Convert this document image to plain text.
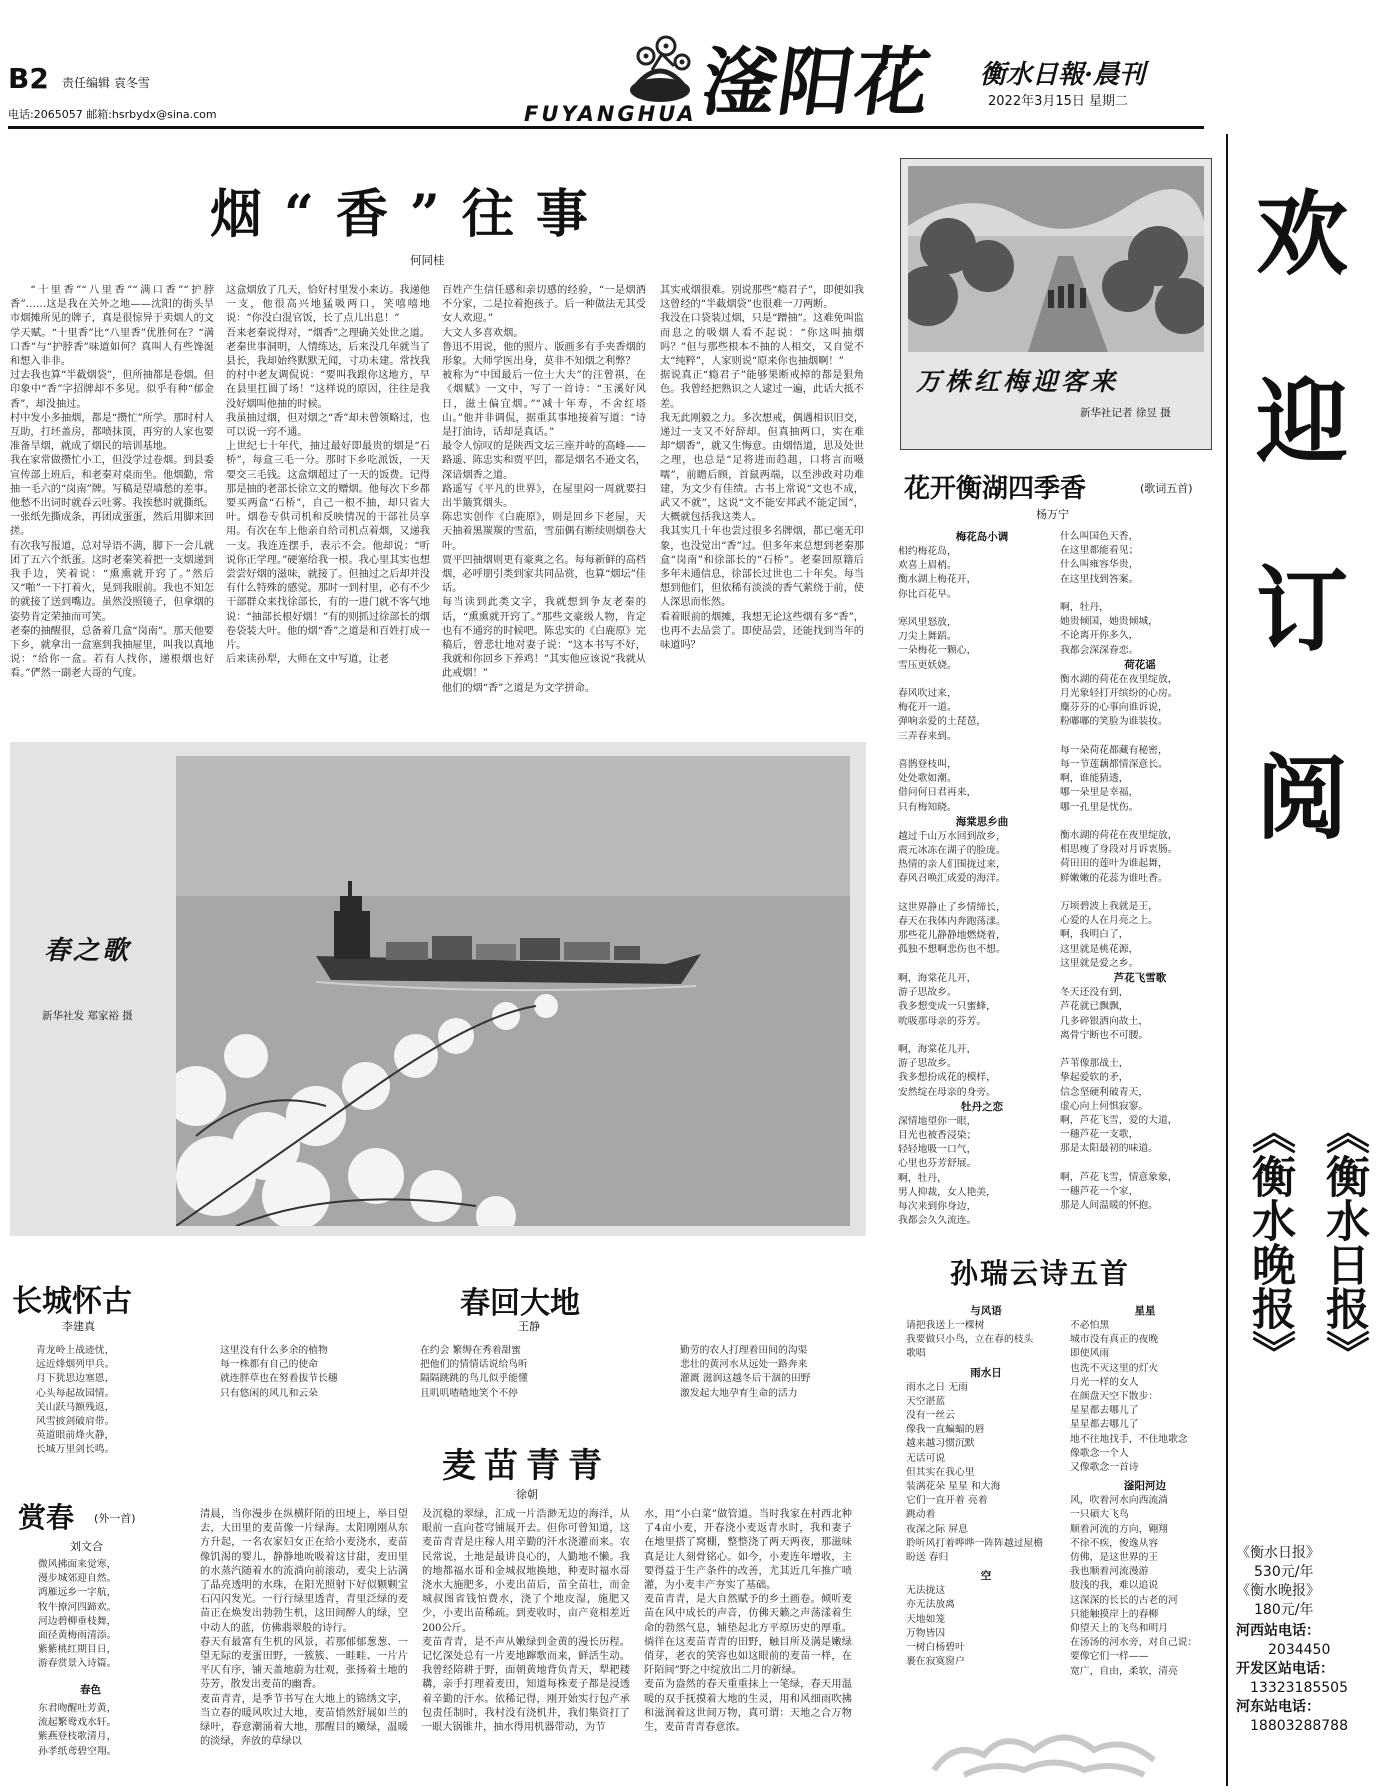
B2 责任编辑 袁冬雪
电话:2065057 邮箱:hsrbydx@sina.com	滏阳花
FUYANGHUA
衡水日報·晨刊
2022年3月15日 星期二
烟“香”往事
何同桂
“十里香”“八里香”“满口香”“护脖香”……这是我在关外之地——沈阳的街头旱市烟摊所见的牌子，真是很惊异于卖烟人的文学天赋。“十里香”比“八里香”优胜何在？“满口香”与“护脖香”味道如何？真叫人有些馋涎和想入非非。
过去我也算“半截烟袋”，但所抽都是卷烟。但印象中“香”字招牌却不多见。似乎有种“郁金香”，却没抽过。
村中发小多抽烟，都是“攒忙”所学。那时村人互助，打坯盖房，都喷抹顶，再穷的人家也要准备旱烟，就成了烟民的培训基地。
我在家常做攒忙小工，但没学过卷烟。到县委宣传部上班后，和老秦对桌而坐。他烟勤，常抽一毛六的“岗南”牌。写稿是望墙愁的差事。他愁不出词时就吞云吐雾。我挨愁时就撕纸。一张纸先撕成条，再团成蛋蛋，然后用脚来回搓。
有次我写报道，总对导语不满，脚下一会儿就团了五六个纸蛋。这时老秦笑着把一支烟递到我手边，笑着说：“熏熏就开窍了。”然后又“啪”一下打着火，晃到我眼前。我也不知怎的就接了送到嘴边。虽然没照镜子，但拿烟的姿势肯定荣抽而可笑。
老秦的抽醒很，总备着几盒“岗南”。那天他要下乡，就拿出一盒塞到我抽屉里，叫我以真地说：“给你一盒。若有人找你，递根烟也好看。”俨然一副老大哥的气度。
这盒烟放了几天，恰好村里发小来访。我递他一支，他很高兴地猛吸两口，笑嘻嘻地说：“你没白混官饭，长了点儿出息！”
吾来老秦说得对，“烟香”之理确关处世之道。老秦世事洞明，人情练达，后来没几年就当了县长，我却始终默默无闻，寸功未建。常找我的村中老友调侃说：“要叫我跟你这地方，早在县里扛圆了场！”这样说的原因，往往是我没好烟叫他抽的时候。
我虽抽过烟，但对烟之“香”却未曾领略过，也可以说一窍不通。
上世纪七十年代，抽过最好即最贵的烟是“石桥”，每盒三毛一分。那时下乡吃派饭，一天要交三毛钱。这盒烟超过了一天的饭费。记得那是抽的老部长徐立文的赠烟。他每次下乡都要买两盒“石桥”，自己一根不抽，却只省大叶。烟卷专供司机和反映情况的干部社员享用。有次在车上他亲自给司机点着烟，又递我一支。我连连摆手，表示不会。他却说：“听说你正学理。”硬塞给我一根。我心里其实也想尝尝好烟的滋味，就接了。但抽过之后却并没有什么特殊的感觉。那时一到村里，必有不少干部群众来找徐部长，有的一进门就不客气地说：“抽部长根好烟！”有的则抓过徐部长的烟卷袋装大叶。他的烟“香”之道是和百姓打成一片。
后来读孙犁，大师在文中写道，让老
百姓产生信任感和亲切感的经验，“一是烟酒不分家，二是拉着抱孩子。后一种做法无其受女人欢迎。”
大文人多喜欢烟。
鲁迅不用说，他的照片、版画多有手夹香烟的形象。大师学医出身，莫非不知烟之利弊？
被称为“中国最后一位士大夫”的汪曾祺，在《烟赋》一文中，写了一首诗：“玉溪好风日，滋土偏宜烟。”“减十年寿，不舍红塔山。”他并非调侃，据重其事地接着写道：“诗是打油诗，话却是真话。”
最令人惊叹的是陕西文坛三座并峙的高峰——路遥、陈忠实和贾平凹，都是烟名不逊文名，深谙烟香之道。
路遥写《平凡的世界》，在屋里闷一周就要扫出半簸箕烟头。
陈忠实创作《白鹿原》，则是回乡下老屋，天天抽着黑羰羰的雪茄，雪茄偶有断续则烟卷大叶。
贾平凹抽烟则更有豪爽之名。每每新鲜的高档烟，必呼朋引类到家共同品赏，也算“烟坛”佳话。
每当读到此类文字，我就想到争友老秦的话，“熏熏就开窍了。”那些文豪级人物，肯定也有不通窍的时候吧。陈忠实的《白鹿原》完稿后，曾悲壮地对妻子说：“这本书写不好，我就和你回乡下养鸡！”其实他应该说“我就从此戒烟！”
他们的烟“香”之道是为文学拼命。
其实戒烟很难。别说那些“瘾君子”，即便如我这曾经的“半截烟袋”也很难一刀两断。
我没在口袋装过烟，只是“蹭抽”。这难免叫监而息之的吸烟人看不起说：“你这叫抽烟吗？”但与那些根本不抽的人相交，又自觉不太“纯粹”，人家则说“原来你也抽烟啊！”
据说真正“瘾君子”能够果断戒掉的都是狠角色。我曾经把熟识之人逮过一遍，此话大抵不差。
我无此刚毅之力。多次想戒，偶遇相识旧交，递过一支又不好辞却。但真抽两口，实在难却“烟香”，就又生悔意。由烟悟道，思及处世之理，也总是“足将进而趋趄，口将言而嗫嚅”，前瞻后顾，首鼠两端，以至涉政对功难建，为文少有佳绩。古书上常说“文也不成，武又不就”，这说“文不能安邦武不能定国”，大概就包括我这类人。
我其实几十年也尝过很多名牌烟，都已毫无印象，也没觉出“香”过。但多年来总想到老秦那盒“岗南”和徐部长的“石桥”。老秦回原籍后多年未通信息，徐部长过世也二十年矣。每当想到他们，但依稀有淡淡的香气萦绕于前，使人深思而怅然。
看着眼前的烟摊，我想无论这些烟有多“香”，也再不去品尝了。即使品尝，还能找到当年的味道吗？
万株红梅迎客来
新华社记者 徐昱 摄
花开衡湖四季香	(歌词五首)
杨万宁
梅花岛小调
相约梅花岛，
欢喜上眉梢。
衡水湖上梅花开，
你比百花早。

寒风里怒放，
刀尖上舞蹈。
一朵梅花一颗心，
雪压更妖娆。

春风吹过来，
梅花开一道。
弹响亲爱的土琵琶，
三弄春来到。

喜鹊登枝叫，
处处歌如潮。
借问何日君再来，
只有梅知晓。
海棠思乡曲
越过千山万水回到故乡，
震元冰冻在湖子的脸庞。
热情的亲人们围拢过来，
春风召唤汇成爱的海洋。

这世界静止了乡情缔长，
春天在我体内奔跑荡漾。
那些花儿静静地燃烧着，
孤独不想啊悲伤也不想。

啊，海棠花儿开，
游子思故乡。
我多想变成一只蜜蜂，
吮吸那母亲的芬芳。

啊，海棠花儿开，
游子思故乡。
我多想扮成花的模样，
安然绽在母亲的身旁。
牡丹之恋
深情地望你一眼，
目光也被香浸染；
轻轻地吸一口气，
心里也芬芳舒展。
啊，牡丹，
男人抑裁，女人艳美，
每次来到你身边，
我都会久久流连。
什么叫国色天香，
在这里都能看见；
什么叫雍容华贵，
在这里找到答案。

啊，牡丹，
她贵倾国，她贵倾城，
不论离开你多久，
我都会深深眷恋。
荷花谣
衡水湖的荷花在夜里绽放，
月光象轻打开缤纷的心房。
麋芬芬的心事向谁诉说，
粉嘟嘟的笑脸为谁装妆。

每一朵荷花都藏有秘密，
每一节莲藕都情深意长。
啊，谁能猜透，
哪一朵里是幸福，
哪一孔里是忧伤。

衡水湖的荷花在夜里绽放，
相思瘦了身段对月诉衷肠。
荷田田的莲叶为谁起舞，
鲜嫩嫩的花蕊为谁吐香。

万顷碧波上我就是王，
心爱的人在月亮之上。
啊，我明白了，
这里就是桃花源，
这里就是爱之乡。
芦花飞雪歌
冬天还没有到，
芦花就已飘飘，
几多碎银洒向故土，
离骨宁断也不可腰。

芦苇像那战士，
挚起爱软的矛，
信念坚硬利破青天，
虚心向上何惧寂寥。
啊，芦花飞雪，爱的大道，
一穗芦花一支歌，
那是太阳最初的味道。

啊，芦花飞雪，情意象象，
一穗芦花一个家，
那是人间温暖的怀抱。
春之歌
新华社发 郑家裕 摄
孙瑞云诗五首
与风语
请把我送上一棵树
我要做只小鸟，立在春的枝头
歌唱
雨水日
雨水之日 无雨
天空湛蓝
没有一丝云
像我一直蝙蝠的唇
越来越习惯沉默
无话可说
但其实在我心里
装满花朵 星星 和大海
它们一直开着 亮着
跳动着
夜深之际 屏息
聆听风打着哗哗一阵阵越过屋檐
盼送 春归
空
无法拢这
亦无法放离
天地如笼
万物皆囚
一树白杨碧叶
裹在寂寞窗户
星星
不必怕黑
城市没有真正的夜晚
即使风雨
也洗不灭这里的灯火
月光一样的女人
在颜盘天空下散步：
星星都去哪儿了
星星都去哪儿了
地不往地找手，不住地歌念
像歌念一个人
又像歌念一首诗
滏阳河边
风，吹着河水向西流淌
一只碩大飞鸟
顺着河流的方向，翱翔
不徐不疾，俊逸从容
仿佛，是这世界的王
我也顺着河流漫游
肢浅的我，难以追说
这深深的长长的古老的河
只能触摸岸上的春柳
仰望天上的飞鸟和明月
在汤汤的河水旁，对自己说：
要像它们一样——
宽广，自由，柔软，清亮
长城怀古
李建真
青龙岭上战迹忧，
远近烽烟列甲兵。
月下犹思边塞恩，
心头每起故园情。
关山跃马额残返，
风雪披剑破肩带。
英道眼前烽火静，
长城万里剑长鸣。
这里没有什么多余的植物
每一株都有自己的使命
就连胖草也在努着拔节长穗
只有悠闲的风儿和云朵
春回大地
王静
在约会 繁缛在秀着甜蜜
把他们的情情话说给鸟听
隔隔跳跳的鸟儿似乎能懂
且叽叽喳喳地笑个不停
勤劳的农人打理着田间的沟渠
悲壮的黄河水从远处一路奔来
灌溉 滋润这越冬后干涸的田野
激发起大地孕育生命的活力
麦苗青青
徐朝
清晨，当你漫步在纵横阡陌的田埂上，举目望去，大田里的麦苗像一片绿海。太阳刚刚从东方升起，一名农家妇女正在给小麦浇水，麦苗像饥渴的婴儿，静静地吮吸着这甘甜，麦田里的水蒸汽随着水的流淌向前滚动，麦尖上沾满了晶亮透明的水珠，在阳光照射下好似颗颗宝石闪闪发光。一行行绿里透青，青里泛绿的麦苗正在焕发出勃勃生机，这田间醉人的绿，空中动人的蓝，仿佛翡翠般的诗行。
春天有最富有生机的风景，若那郁郁葱葱、一望无际的麦蛋田野，一簇簇、一畦畦、一片片平仄有序，铺天盖地蔚为壮观，张扬着土地的芬芳，散发出麦苗的幽香。
麦苗青青，是季节书写在大地上的锦绣文字，当立春的暖风吹过大地，麦苗悄然舒展如兰的绿叶，春意潮涌着大地，那醒目的嫩绿，温暖的淡绿，奔放的草绿以
及沉稳的翠绿，汇成一片浩渺无边的海洋，从眼前一直向苍穹铺展开去。但你可曾知道，这麦苗青青是庄稼人用辛勤的汗水浇灌而来。农民常说，土地是最讲良心的，人勤地不懒。我的地都福水哥和金城叔地换地，种麦时福水哥浇水大施肥多，小麦出苗后，苗全苗壮，而金城叔图省钱怕费水，浇了个地皮湿，施肥又少，小麦出苗稀疏。到麦收时，亩产竟相差近200公斤。
麦苗青青，是不声从嫩绿到金黄的漫长历程。记忆深处总有一片麦地蹿歌而来，鲜活生动。我曾经陪耕于野，面朝黄地背负青天，犁耙耧耩，亲手打理着麦田，知道每株麦子都是浸透着辛勤的汗水。依稀记得，刚开始实行包产承包责任制时，我村没有浇机井，我们集资打了一眼大锅锥井，抽水得用机器带动，为节
水，用“小白菜”做管道。当时我家在村西北种了4亩小麦，开春浇小麦返青水时，我和妻子在地里搭了窝棚，整整浇了两天两夜，那滋味真是让人刻骨铭心。如今，小麦连年增收，主要得益于生产条件的改善，尤其近几年推广喷灌，为小麦丰产夯实了基础。
麦苗青青，是大自然赋予的乡土画卷。倾听麦苗在风中成长的声音，仿佛天籁之声荡漾着生命的勃然气息，辅垫起北方平原历史的厚重。徜徉在这麦苗青青的田野，触目所及满是嫩绿俏芽，老衣的笑容也如这眼前的麦苗一样，在阡陌间”野之中绽放出二月的新绿。
麦苗为盎然的春天重重抹上一笔绿，春天用温暖的双手抚摸着大地的生灵，用和风细雨吹拂和滋润着这世间万物，真可谓：天地之合万物生，麦苗青青春意浓。
赏春 (外一首)
刘文合
微风拂面来觉寒，
漫步城郊迎自然。
鸿雁远乡一字航，
牧牛撩河四蹄欢。
河边碧柳垂枝舞，
面径黄梅雨清添。
紫紫桃红期目日，
游春赏景入诗篇。
春色
东君吻醒吐芳黄，
流起繁鸯戏水轩。
紫燕登枝歌清月，
孙孝纸鸢碧空翔。
欢迎订阅
《衡水日报》
《衡水晚报》
《衡水日报》
530元/年
《衡水晚报》
180元/年
河西站电话：
2034450
开发区站电话：
13323185505
河东站电话：
18803288788
